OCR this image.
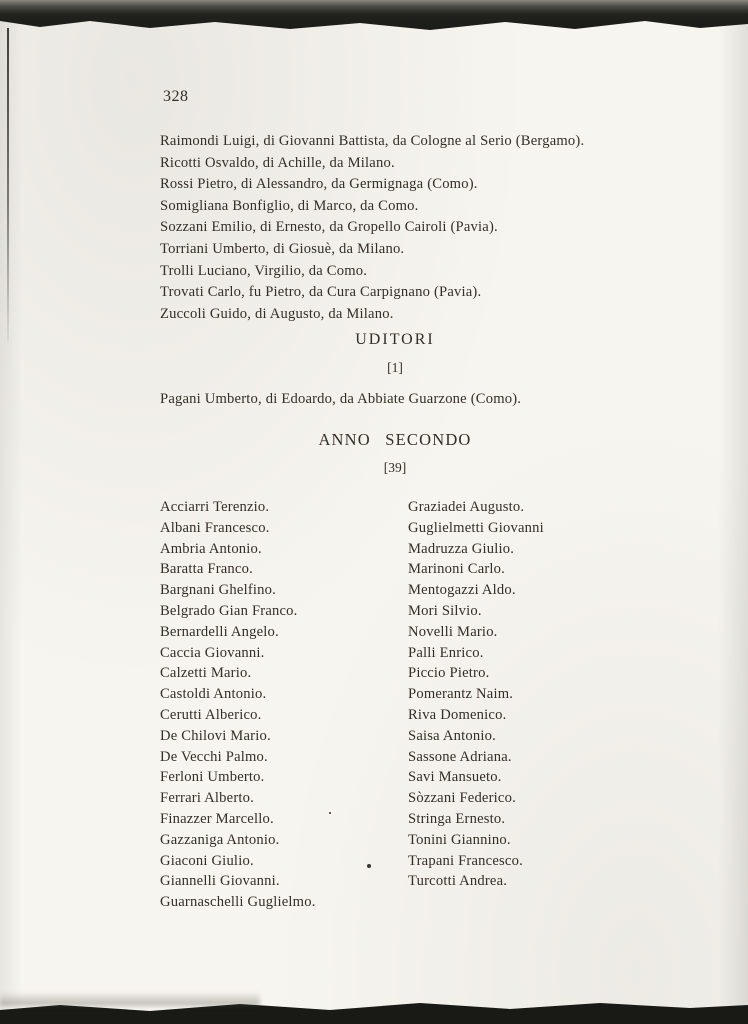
328

Raimondi Luigi, di Giovanni Battista, da Cologne al Serio (Bergamo).

Ricotti Osvaldo, di Achille, da Milano.

Rossi Pietro, di Alessandro, da Germignaga (Como).

Somigliana Bonfiglio, di Marco, da Como.

Sozzani Emilio, di Ernesto, da Gropello Cairoli (Pavia).

Torriani Umberto, di Giosuè, da Milano.

Trolli Luciano, Virgilio, da Como.

Trovati Carlo, fu Pietro, da Cura Carpignano (Pavia).

Zuccoli Guido, di Augusto, da Milano.

UDITORI
[1]

Pagani Umberto, di Edoardo, da Abbiate Guarzone (Como).

ANNO SECONDO
[39]

Acciarri Terenzio.

Albani Francesco.

Ambria Antonio.

Baratta Franco.

Bargnani Ghelfino.

Belgrado Gian Franco.

Bernardelli Angelo.

Caccia Giovanni.

Calzetti Mario.

Castoldi Antonio.

Cerutti Alberico.

De Chilovi Mario.

De Vecchi Palmo.

Ferloni Umberto.

Ferrari Alberto.

Finazzer Marcello.

Gazzaniga Antonio.

Giaconi Giulio.

Giannelli Giovanni.

Guarnaschelli Guglielmo.

Graziadei Augusto.

Guglielmetti Giovanni

Madruzza Giulio.

Marinoni Carlo.

Mentogazzi Aldo.

Mori Silvio.

Novelli Mario.

Palli Enrico.

Piccio Pietro.

Pomerantz Naim.

Riva Domenico.

Saisa Antonio.

Sassone Adriana.

Savi Mansueto.

Sòzzani Federico.

Stringa Ernesto.

Tonini Giannino.

Trapani Francesco.

Turcotti Andrea.
